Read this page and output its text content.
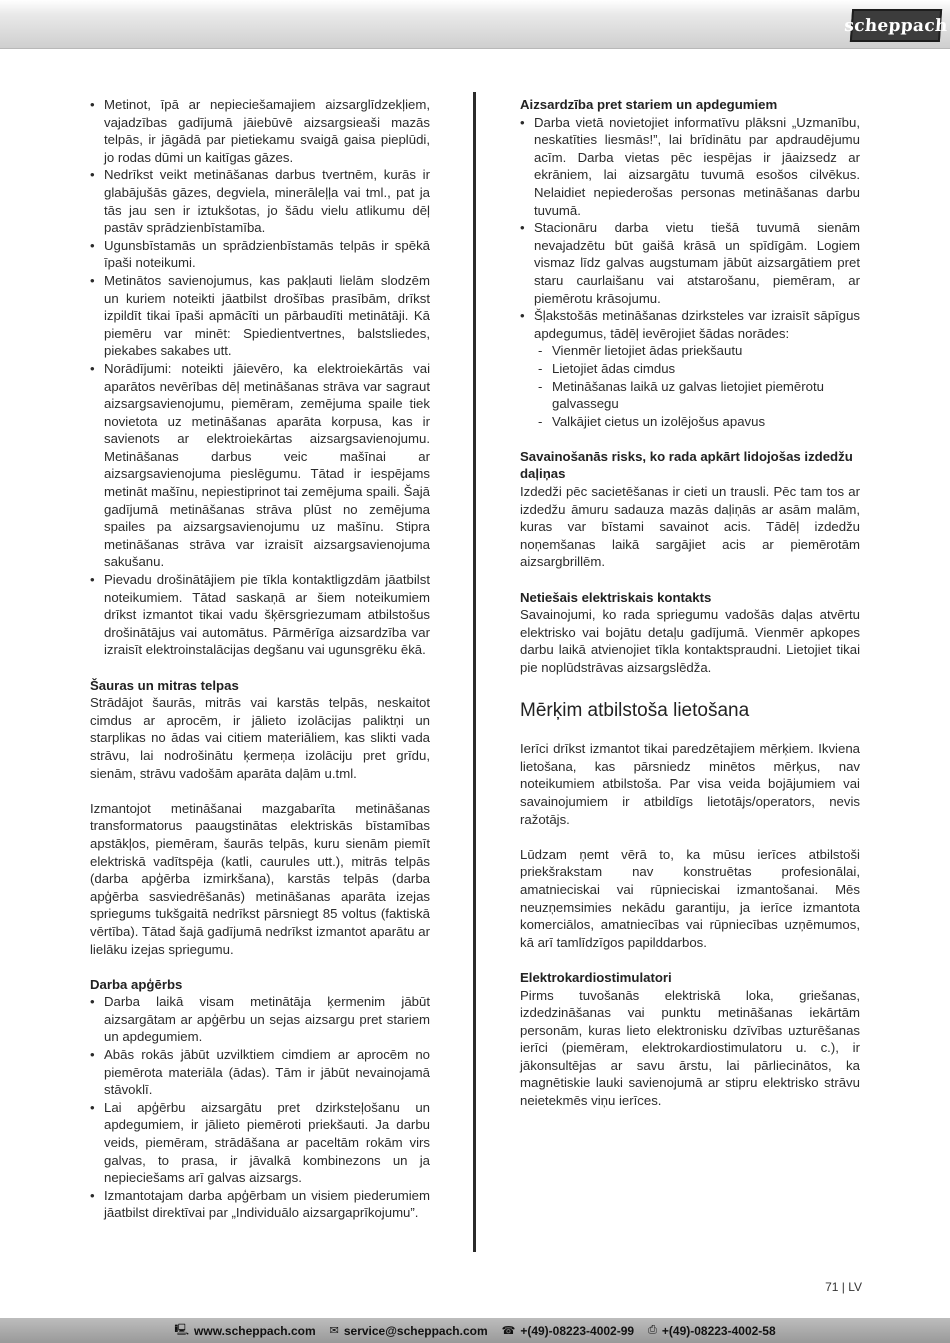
scheppach
• Metinot, īpā ar nepieciešamajiem aizsarglīdzekļiem, vajadzības gadījumā jāiebūvē aizsargsieaši mazās telpās, ir jāgādā par pietiekamu svaigā gaisa pieplūdi, jo rodas dūmi un kaitīgas gāzes.
• Nedrīkst veikt metināšanas darbus tvertnēm, kurās ir glabājušās gāzes, degviela, minerāleļļa vai tml., pat ja tās jau sen ir iztukšotas, jo šādu vielu atlikumu dēļ pastāv sprādzienbīstamība.
• Ugunsbīstamās un sprādzienbīstamās telpās ir spēkā īpaši noteikumi.
• Metinātos savienojumus, kas pakļauti lielām slodzēm un kuriem noteikti jāatbilst drošības prasībām, drīkst izpildīt tikai īpaši apmācīti un pārbaudīti metinātāji. Kā piemēru var minēt: Spiedientvertnes, balstsliedes, piekabes sakabes utt.
• Norādījumi: noteikti jāievēro, ka elektroiekārtās vai aparātos nevērības dēļ metināšanas strāva var sagraut aizsargsavienojumu, piemēram, zemējuma spaile tiek novietota uz metināšanas aparāta korpusa, kas ir savienots ar elektroiekārtas aizsargsavienojumu. Metināšanas darbus veic mašīnai ar aizsargsavienojuma pieslēgumu. Tātad ir iespējams metināt mašīnu, nepiestiprinot tai zemējuma spaili. Šajā gadījumā metināšanas strāva plūst no zemējuma spailes pa aizsargsavienojumu uz mašīnu. Stipra metināšanas strāva var izraisīt aizsargsavienojuma sakušanu.
• Pievadu drošinātājiem pie tīkla kontaktligzdām jāatbilst noteikumiem. Tātad saskaņā ar šiem noteikumiem drīkst izmantot tikai vadu šķērsgriezumam atbilstošus drošinātājus vai automātus. Pārmērīga aizsardzība var izraisīt elektroinstalācijas degšanu vai ugunsgrēku ēkā.
Šauras un mitras telpas

Strādājot šaurās, mitrās vai karstās telpās, neskaitot cimdus ar aprocēm, ir jālieto izolācijas paliktņi un starplikas no ādas vai citiem materiāliem, kas slikti vada strāvu, lai nodrošinātu ķermeņa izolāciju pret grīdu, sienām, strāvu vadošām aparāta daļām u.tml.

Izmantojot metināšanai mazgabarīta metināšanas transformatorus paaugstinātas elektriskās bīstamības apstākļos, piemēram, šaurās telpās, kuru sienām piemīt elektriskā vadītspēja (katli, caurules utt.), mitrās telpās (darba apģērba izmirkšana), karstās telpās (darba apģērba sasviedrēšanās) metināšanas aparāta izejas spriegums tukšgaitā nedrīkst pārsniegt 85 voltus (faktiskā vērtība). Tātad šajā gadījumā nedrīkst izmantot aparātu ar lielāku izejas spriegumu.

Darba apģērbs
• Darba laikā visam metinātāja ķermenim jābūt aizsargātam ar apģērbu un sejas aizsargu pret stariem un apdegumiem.
• Abās rokās jābūt uzvilktiem cimdiem ar aprocēm no piemērota materiāla (ādas). Tām ir jābūt nevainojamā stāvoklī.
• Lai apģērbu aizsargātu pret dzirksteļošanu un apdegumiem, ir jālieto piemēroti priekšauti. Ja darbu veids, piemēram, strādāšana ar paceltām rokām virs galvas, to prasa, ir jāvalkā kombinezons un ja nepieciešams arī galvas aizsargs.
• Izmantotajam darba apģērbam un visiem piederumiem jāatbilst direktīvai par „Individuālo aizsargaprīkojumu”.
Aizsardzība pret stariem un apdegumiem
• Darba vietā novietojiet informatīvu plāksni „Uzmanību, neskatīties liesmās!”, lai brīdinātu par apdraudējumu acīm. Darba vietas pēc iespējas ir jāaizsedz ar ekrāniem, lai aizsargātu tuvumā esošos cilvēkus. Nelaidiet nepiederošas personas metināšanas darbu tuvumā.
• Stacionāru darba vietu tiešā tuvumā sienām nevajadzētu būt gaišā krāsā un spīdīgām. Logiem vismaz līdz galvas augstumam jābūt aizsargātiem pret staru caurlaišanu vai atstarošanu, piemēram, ar piemērotu krāsojumu.
• Šļakstošās metināšanas dzirksteles var izraisīt sāpīgus apdegumus, tādēļ ievērojiet šādas norādes:
- Vienmēr lietojiet ādas priekšautu
- Lietojiet ādas cimdus
- Metināšanas laikā uz galvas lietojiet piemērotu galvassegu
- Valkājiet cietus un izolējošus apavus
Savainošanās risks, ko rada apkārt lidojošas izdedžu daļiņas

Izdedži pēc sacietēšanas ir cieti un trausli. Pēc tam tos ar izdedžu āmuru sadauza mazās daļiņās ar asām malām, kuras var bīstami savainot acis. Tādēļ izdedžu noņemšanas laikā sargājiet acis ar piemērotām aizsargbrillēm.

Netiešais elektriskais kontakts

Savainojumi, ko rada spriegumu vadošās daļas atvērtu elektrisko vai bojātu detaļu gadījumā. Vienmēr apkopes darbu laikā atvienojiet tīkla kontaktspraudni. Lietojiet tikai pie noplūdstrāvas aizsargslēdža.

Mērķim atbilstoša lietošana

Ierīci drīkst izmantot tikai paredzētajiem mērķiem. Ikviena lietošana, kas pārsniedz minētos mērķus, nav noteikumiem atbilstoša. Par visa veida bojājumiem vai savainojumiem ir atbildīgs lietotājs/operators, nevis ražotājs.

Lūdzam ņemt vērā to, ka mūsu ierīces atbilstoši priekšrakstam nav konstruētas profesionālai, amatnieciskai vai rūpnieciskai izmantošanai. Mēs neuzņemsimies nekādu garantiju, ja ierīce izmantota komerciālos, amatniecības vai rūpniecības uzņēmumos, kā arī tamlīdzīgos papilddarbos.

Elektrokardiostimulatori

Pirms tuvošanās elektriskā loka, griešanas, izdedzināšanas vai punktu metināšanas iekārtām personām, kuras lieto elektronisku dzīvības uzturēšanas ierīci (piemēram, elektrokardiostimulatoru u. c.), ir jākonsultējas ar savu ārstu, lai pārliecinātos, ka magnētiskie lauki savienojumā ar stipru elektrisko strāvu neietekmēs viņu ierīces.

71 | LV
🖳 www.scheppach.com ✉ service@scheppach.com ☎ +(49)-08223-4002-99 ⎙ +(49)-08223-4002-58
